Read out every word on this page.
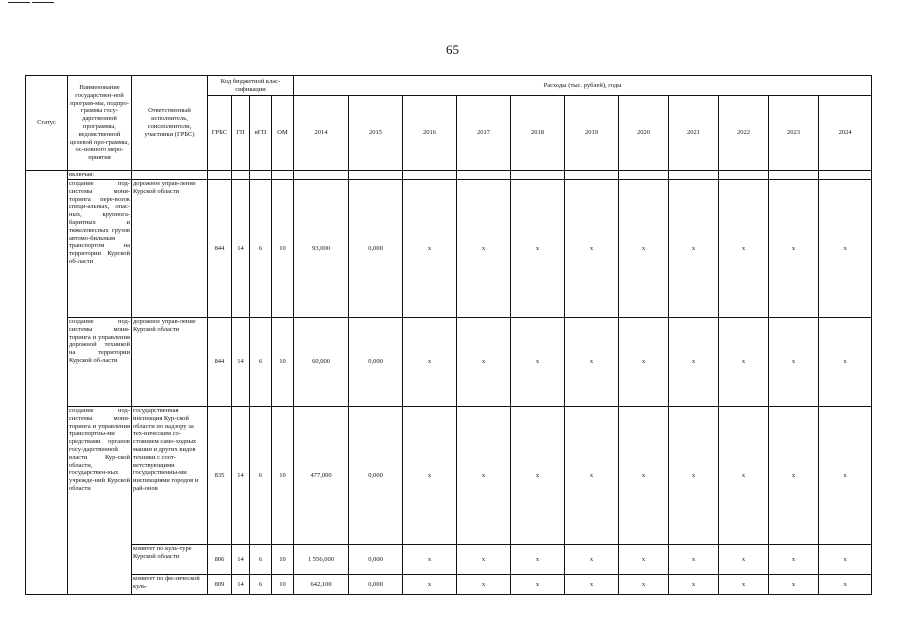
65
Статус	Наименование государствен-ной програм-мы, подпро-граммы госу-дарственной программы, ведомственной целевой про-граммы, ос-новного меро-приятия	Ответственный исполнитель, соисполнители, участники (ГРБС)	Код бюджетной клас-сификации				Расходы (тыс. рублей), годы										
			ГРБС	ГП	вГП	ОМ	2014	2015	2016	2017	2018	2019	2020	2021	2022	2023	2024
	включая:																
	создание под-системы мони-торинга пере-возок специ-альных, опас-ных, крупнога-баритных и тяжеловесных грузов автомо-бильным транспортом на территории Курской об-ласти	дорожное управ-ление Курской области	844	14	6	10	93,000	0,000	x	x	x	x	x	x	x	x	x
	создание под-системы мони-торинга и управления дорожной техникой на территории Курской об-ласти	дорожное управ-ление Курской области	844	14	6	10	60,000	0,000	x	x	x	x	x	x	x	x	x
	создание под-системы мони-торинга и управления транспортны-ми средствами органов госу-дарственной власти Кур-ской области, государствен-ных учрежде-ний Курской области	государственная инспекция Кур-ской области по надзору за тех-ническим со-стоянием само-ходных машин и других видов техники с соот-ветствующими государственны-ми инспекциями городов и рай-онов	835	14	6	10	477,000	0,000	x	x	x	x	x	x	x	x	x
		комитет по куль-туре Курской области	806	14	6	10	1 556,000	0,000	x	x	x	x	x	x	x	x	x
		комитет по фи-зической куль-	809	14	6	10	642,100	0,000	x	x	x	x	x	x	x	x	x
